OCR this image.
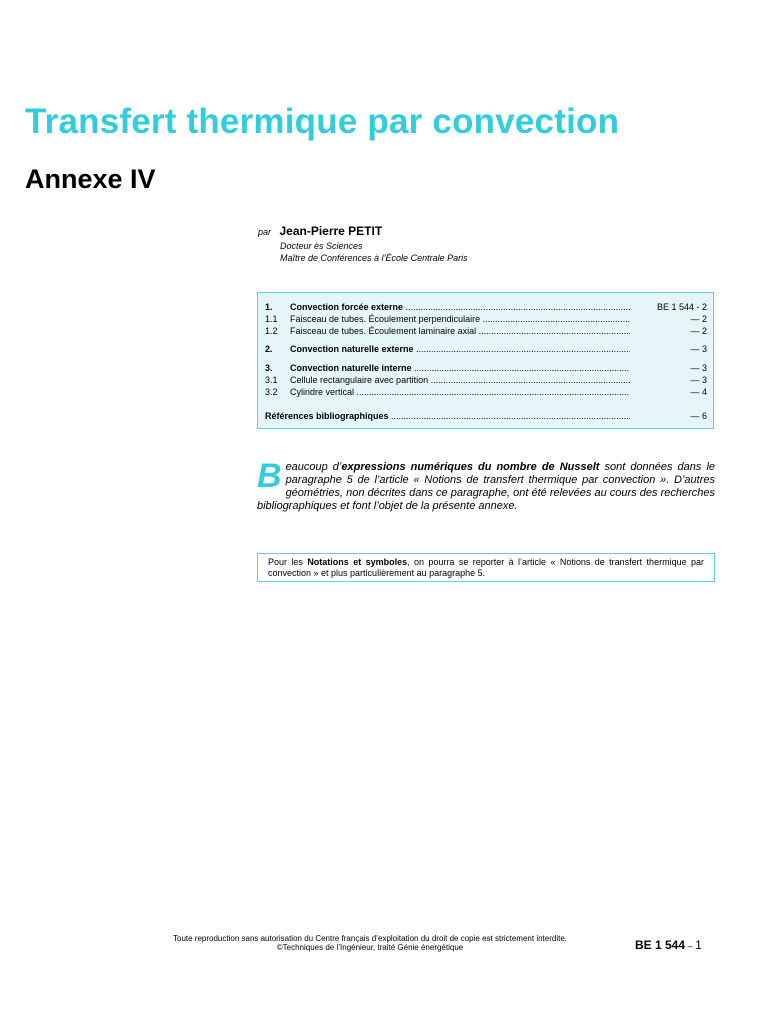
Transfert thermique par convection
Annexe IV
par Jean-Pierre PETIT
Docteur ès Sciences
Maître de Conférences à l’École Centrale Paris
1. Convection forcée externe .....	BE 1 544 - 2
1.1 Faisceau de tubes. Écoulement perpendiculaire .....	— 2
1.2 Faisceau de tubes. Écoulement laminaire axial .....	— 2
2. Convection naturelle externe .....	— 3
3. Convection naturelle interne .....	— 3
3.1 Cellule rectangulaire avec partition .....	— 3
3.2 Cylindre vertical .....	— 4
Références bibliographiques .....	— 6
Beaucoup d’expressions numériques du nombre de Nusselt sont données dans le paragraphe 5 de l’article « Notions de transfert thermique par convection ». D’autres géométries, non décrites dans ce paragraphe, ont été relevées au cours des recherches bibliographiques et font l’objet de la présente annexe.
Pour les Notations et symboles, on pourra se reporter à l’article « Notions de transfert thermique par convection » et plus particulièrement au paragraphe 5.
Toute reproduction sans autorisation du Centre français d’exploitation du droit de copie est strictement interdite.
©Techniques de l’Ingénieur, traité Génie énergétique	BE 1 544 – 1
